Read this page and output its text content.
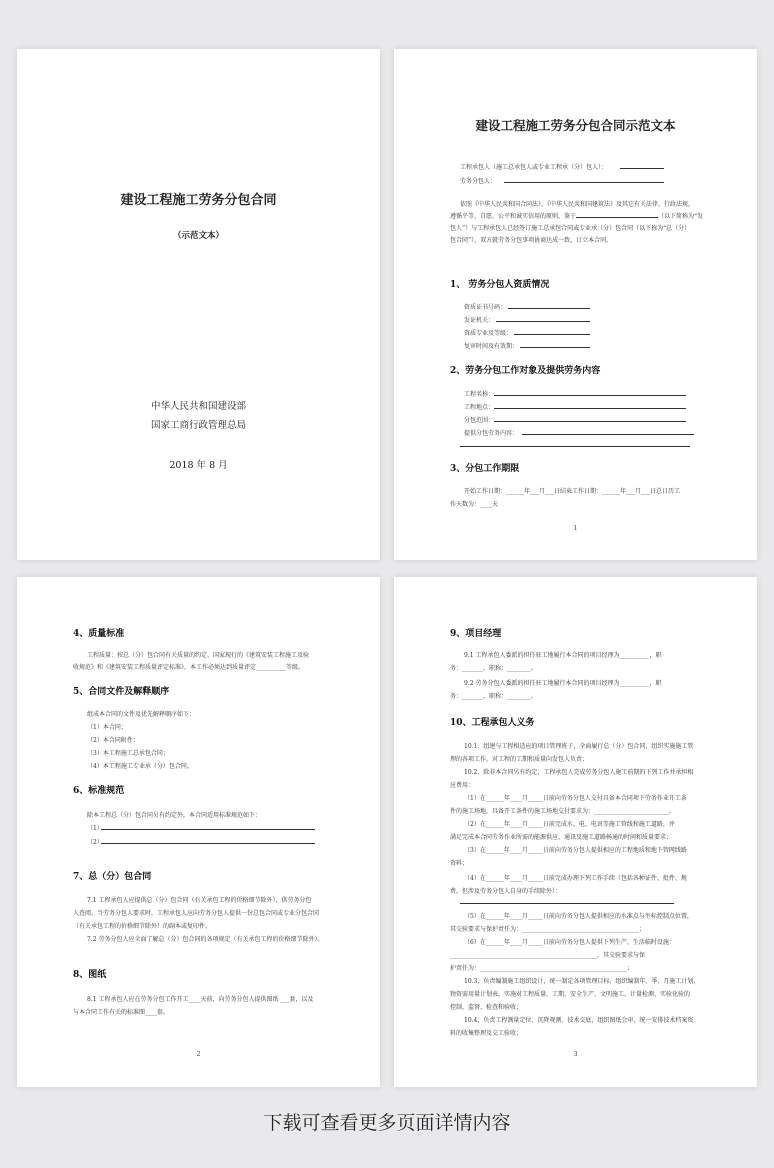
建设工程施工劳务分包合同
（示范文本）
中华人民共和国建设部
国家工商行政管理总局
2018 年 8 月
建设工程施工劳务分包合同示范文本
工程承包人（施工总承包人或专业工程承（分）包人）：
劳务分包人：
依照《中华人民共和国合同法》、《中华人民共和国建筑法》及其它有关法律、行政法规，
遵循平等、自愿、公平和诚实信用的原则，鉴于	（以下简称为“发
包人”）与工程承包人已经签订施工总承包合同或专业承（分）包合同（以下称为“总（分）
包合同”），双方就劳务分包事项协商达成一致，订立本合同。
1、 劳务分包人资质情况
资质证书号码：
发证机关：
资质专业及等级：
复审时间及有效期：
2、劳务分包工作对象及提供劳务内容
工程名称：
工程地点：
分包范围：
提供分包劳务内容：
3、分包工作期限
开始工作日期：______年___月___日结束工作日期：______年___月___日总日历工
作天数为：____天
1
4、质量标准
工程质量：按总（分）包合同有关质量的约定、国家现行的《建筑安装工程施工及验
收规范》和《建筑安装工程质量评定标准》，本工作必须达到质量评定__________等级。
5、合同文件及解释顺序
组成本合同的文件及优先解释顺序如下：
（1）本合同；
（2）本合同附件；
（3）本工程施工总承包合同；
（4）本工程施工专业承（分）包合同。
6、标准规范
除本工程总（分）包合同另有约定外，本合同适用标准规范如下：
（1）
（2）
7、总（分）包合同
7.1 工程承包人应提供总（分）包合同（有关承包工程的价格细节除外），供劳务分包
人查阅。当劳务分包人要求时，工程承包人应向劳务分包人提供一份总包合同或专业分包合同
（有关承包工程的价格细节除外）的副本或复印件。
7.2 劳务分包人应全面了解总（分）包合同的各项规定（有关承包工程的价格细节除外）。
8、图纸
8.1 工程承包人应在劳务分包工作开工____天前，向劳务分包人提供图纸 ___套，以及
与本合同工作有关的标准图____套。
2
9、项目经理
9.1 工程承包人委派的担任驻工地履行本合同的项目经理为__________，职
务：_______，职称：________。
9.2 劳务分包人委派的担任驻工地履行本合同的项目经理为__________，职
务：_______，职称：________。
10、工程承包人义务
10.1、组建与工程相适应的项目管理班子，全面履行总（分）包合同，组织实施施工管
理的各项工作，对工程的工期和质量向发包人负责；
10.2、除非本合同另有约定，工程承包人完成劳务分包人施工前期的下列工作并承担相
应费用：
（1）在______年____月_____日前向劳务分包人交付具备本合同项下劳务作业开工条
件的施工场地，具备开工条件的施工场地交付要求为：_________________________。
（2）在______年____月_____日前完成水、电、电讯等施工管线和施工道路，并
满足完成本合同劳务作业所需的能源供应、通讯及施工道路畅通的时间和质量要求；
（3）在______年____月_____日前向劳务分包人提供相应的工程地质和地下管网线路
资料；
（4）在______年____月_____日前完成办理下列工作手续（包括各种证件、批件、规
费，但涉及劳务分包人自身的手续除外）：
（5）在______年____月_____日前向劳务分包人提供相应的水准点与坐标控制点位置，
其交验要求与保护责任为：_______________________________________；
（6）在______年____月_____日前向劳务分包人提供下列生产、生活临时设施：
_________________________________________________，其交验要求与保
护责任为：_________________________________________________；
10.3、负责编制施工组织设计，统一制定各项管理目标，组织编制年、季、月施工计划、
物资需用量计划表，实施对工程质量、工期、安全生产、文明施工、计量检测、实验化验的
控制、监督、检查和验收；
10.4、负责工程测量定位、沉降观测、技术交底，组织图纸会审，统一安排技术档案资
料的收集整理及交工验收；
3
下载可查看更多页面详情内容
